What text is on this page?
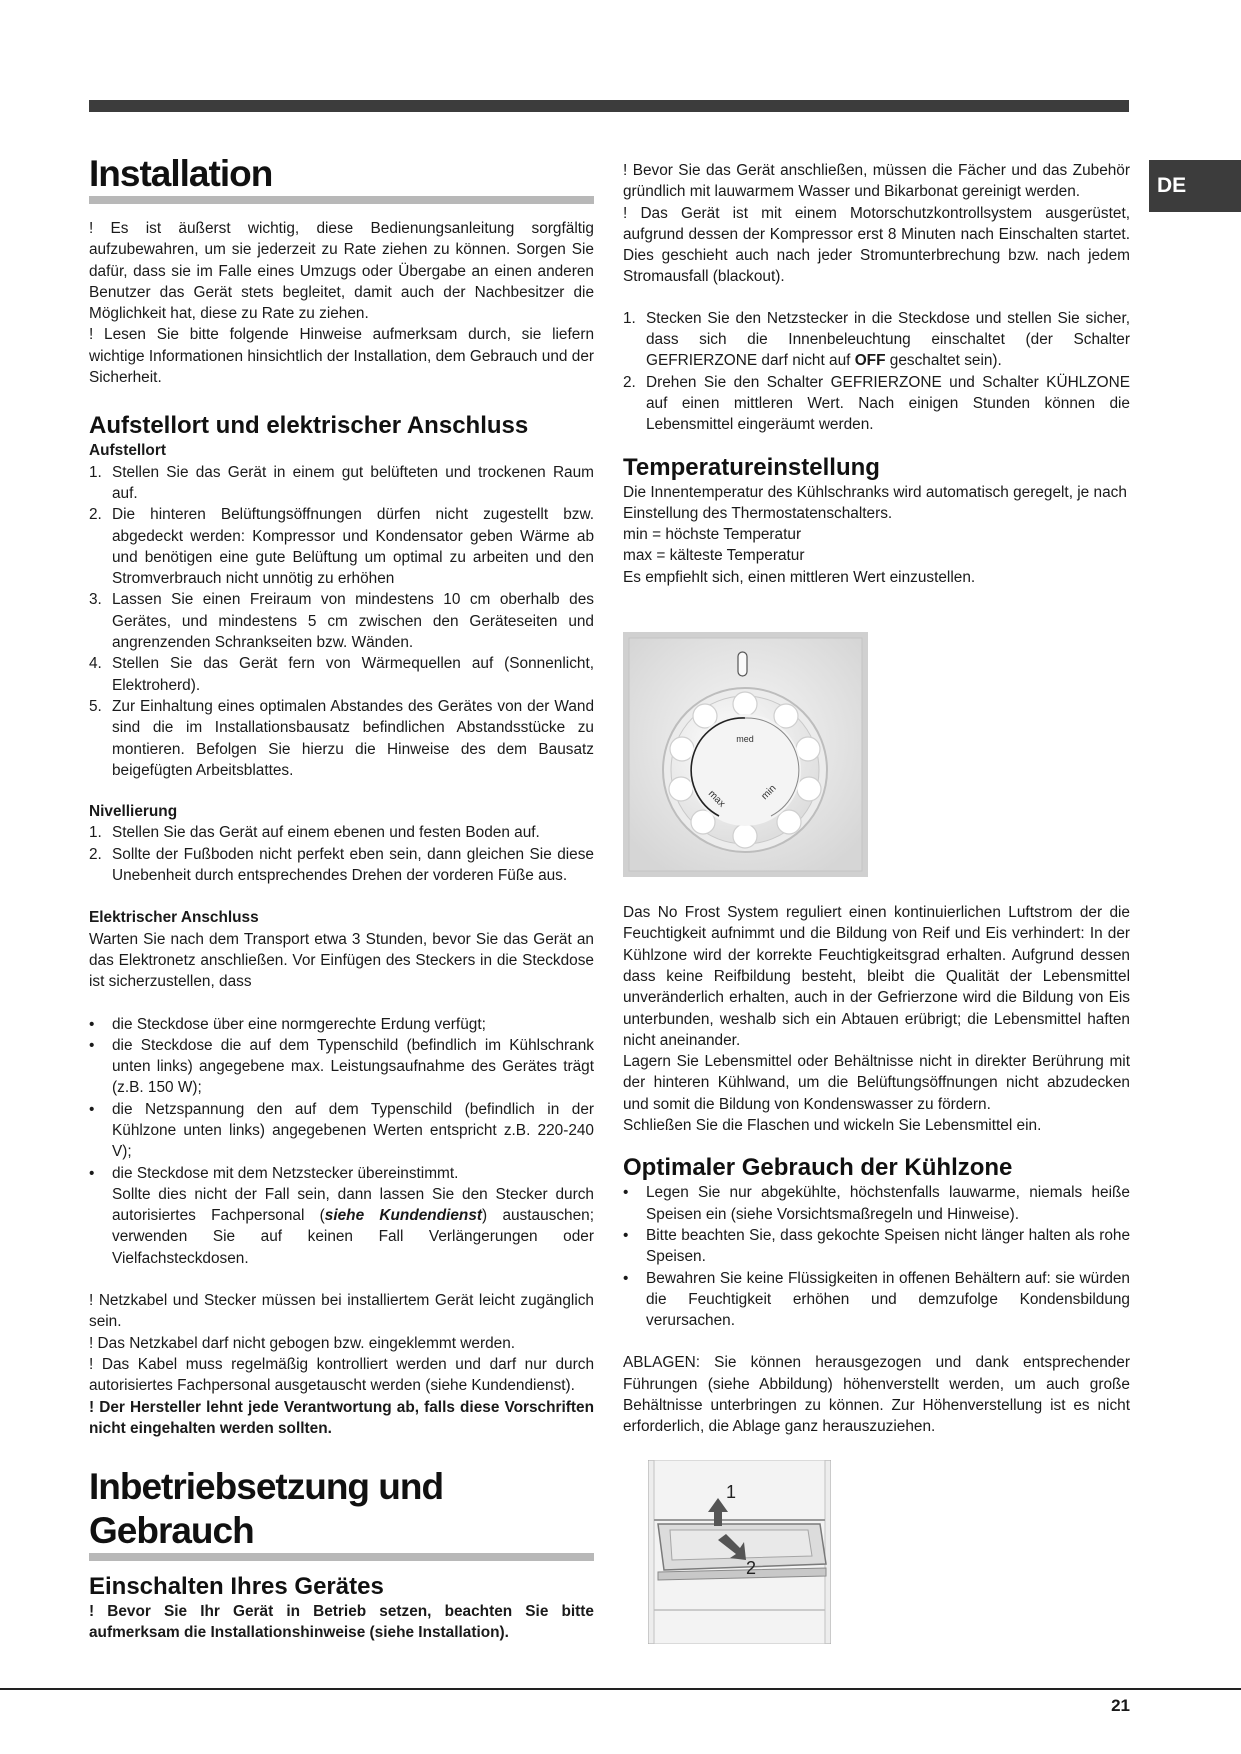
DE
Installation

! Es ist äußerst wichtig, diese Bedienungsanleitung sorgfältig aufzubewahren, um sie jederzeit zu Rate ziehen zu können. Sorgen Sie dafür, dass sie im Falle eines Umzugs oder Übergabe an einen anderen Benutzer das Gerät stets begleitet, damit auch der Nachbesitzer die Möglichkeit hat, diese zu Rate zu ziehen.

! Lesen Sie bitte folgende Hinweise aufmerksam durch, sie liefern wichtige Informationen hinsichtlich der Installation, dem Gebrauch und der Sicherheit.

Aufstellort und elektrischer Anschluss
Aufstellort
1. Stellen Sie das Gerät in einem gut belüfteten und trockenen Raum auf.
2. Die hinteren Belüftungsöffnungen dürfen nicht zugestellt bzw. abgedeckt werden: Kompressor und Kondensator geben Wärme ab und benötigen eine gute Belüftung um optimal zu arbeiten und den Stromverbrauch nicht unnötig zu erhöhen
3. Lassen Sie einen Freiraum von mindestens 10 cm oberhalb des Gerätes, und mindestens 5 cm zwischen den Geräteseiten und angrenzenden Schrankseiten bzw. Wänden.
4. Stellen Sie das Gerät fern von Wärmequellen auf (Sonnenlicht, Elektroherd).
5. Zur Einhaltung eines optimalen Abstandes des Gerätes von der Wand sind die im Installationsbausatz befindlichen Abstandsstücke zu montieren. Befolgen Sie hierzu die Hinweise des dem Bausatz beigefügten Arbeitsblattes.
Nivellierung
1. Stellen Sie das Gerät auf einem ebenen und festen Boden auf.
2. Sollte der Fußboden nicht perfekt eben sein, dann gleichen Sie diese Unebenheit durch entsprechendes Drehen der vorderen Füße aus.
Elektrischer Anschluss

Warten Sie nach dem Transport etwa 3 Stunden, bevor Sie das Gerät an das Elektronetz anschließen. Vor Einfügen des Steckers in die Steckdose ist sicherzustellen, dass

• die Steckdose über eine normgerechte Erdung verfügt;
• die Steckdose die auf dem Typenschild (befindlich im Kühlschrank unten links) angegebene max. Leistungsaufnahme des Gerätes trägt (z.B. 150 W);
• die Netzspannung den auf dem Typenschild (befindlich in der Kühlzone unten links) angegebenen Werten entspricht z.B. 220-240 V);
• die Steckdose mit dem Netzstecker übereinstimmt.
Sollte dies nicht der Fall sein, dann lassen Sie den Stecker durch autorisiertes Fachpersonal (siehe Kundendienst) austauschen; verwenden Sie auf keinen Fall Verlängerungen oder Vielfachsteckdosen.

! Netzkabel und Stecker müssen bei installiertem Gerät leicht zugänglich sein.

! Das Netzkabel darf nicht gebogen bzw. eingeklemmt werden.

! Das Kabel muss regelmäßig kontrolliert werden und darf nur durch autorisiertes Fachpersonal ausgetauscht werden (siehe Kundendienst).

! Der Hersteller lehnt jede Verantwortung ab, falls diese Vorschriften nicht eingehalten werden sollten.

Inbetriebsetzung und
Gebrauch
Einschalten Ihres Gerätes

! Bevor Sie Ihr Gerät in Betrieb setzen, beachten Sie bitte aufmerksam die Installationshinweise (siehe Installation).

! Bevor Sie das Gerät anschließen, müssen die Fächer und das Zubehör gründlich mit lauwarmem Wasser und Bikarbonat gereinigt werden.

! Das Gerät ist mit einem Motorschutzkontrollsystem ausgerüstet, aufgrund dessen der Kompressor erst 8 Minuten nach Einschalten startet. Dies geschieht auch nach jeder Stromunterbrechung bzw. nach jedem Stromausfall (blackout).

1. Stecken Sie den Netzstecker in die Steckdose und stellen Sie sicher, dass sich die Innenbeleuchtung einschaltet (der Schalter GEFRIERZONE darf nicht auf OFF geschaltet sein).
2. Drehen Sie den Schalter GEFRIERZONE und Schalter KÜHLZONE auf einen mittleren Wert. Nach einigen Stunden können die Lebensmittel eingeräumt werden.
Temperatureinstellung

Die Innentemperatur des Kühlschranks wird automatisch geregelt, je nach Einstellung des Thermostatenschalters.

min = höchste Temperatur

max = kälteste Temperatur

Es empfiehlt sich, einen mittleren Wert einzustellen.

Das No Frost System reguliert einen kontinuierlichen Luftstrom der die Feuchtigkeit aufnimmt und die Bildung von Reif und Eis verhindert: In der Kühlzone wird der korrekte Feuchtigkeitsgrad erhalten. Aufgrund dessen dass keine Reifbildung besteht, bleibt die Qualität der Lebensmittel unveränderlich erhalten, auch in der Gefrierzone wird die Bildung von Eis unterbunden, weshalb sich ein Abtauen erübrigt; die Lebensmittel haften nicht aneinander.

Lagern Sie Lebensmittel oder Behältnisse nicht in direkter Berührung mit der hinteren Kühlwand, um die Belüftungsöffnungen nicht abzudecken und somit die Bildung von Kondenswasser zu fördern.

Schließen Sie die Flaschen und wickeln Sie Lebensmittel ein.

Optimaler Gebrauch der Kühlzone
• Legen Sie nur abgekühlte, höchstenfalls lauwarme, niemals heiße Speisen ein (siehe Vorsichtsmaßregeln und Hinweise).
• Bitte beachten Sie, dass gekochte Speisen nicht länger halten als rohe Speisen.
• Bewahren Sie keine Flüssigkeiten in offenen Behältern auf: sie würden die Feuchtigkeit erhöhen und demzufolge Kondensbildung verursachen.

ABLAGEN: Sie können herausgezogen und dank entsprechender Führungen (siehe Abbildung) höhenverstellt werden, um auch große Behältnisse unterbringen zu können. Zur Höhenverstellung ist es nicht erforderlich, die Ablage ganz herauszuziehen.

med
max	min
1
2
21
